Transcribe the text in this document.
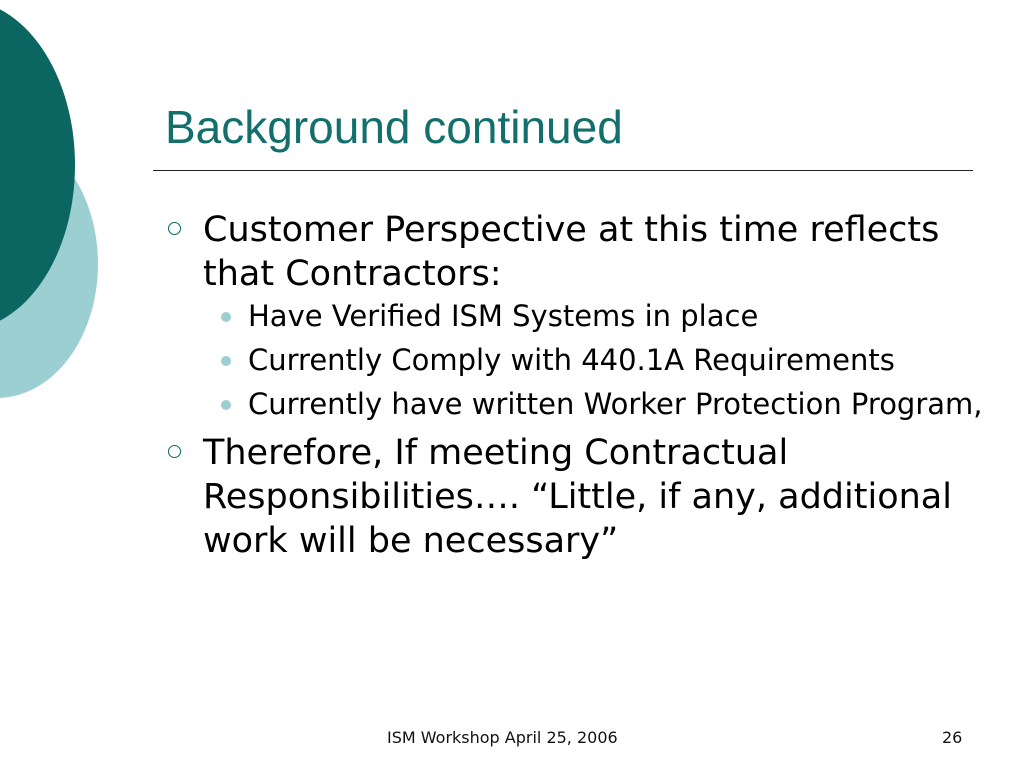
Background continued
Customer Perspective at this time reflects that Contractors:
Have Verified ISM Systems in place
Currently Comply with 440.1A Requirements
Currently have written Worker Protection Program,
Therefore, If meeting Contractual Responsibilities…. “Little, if any, additional work will be necessary”
ISM Workshop April 25, 2006	26
